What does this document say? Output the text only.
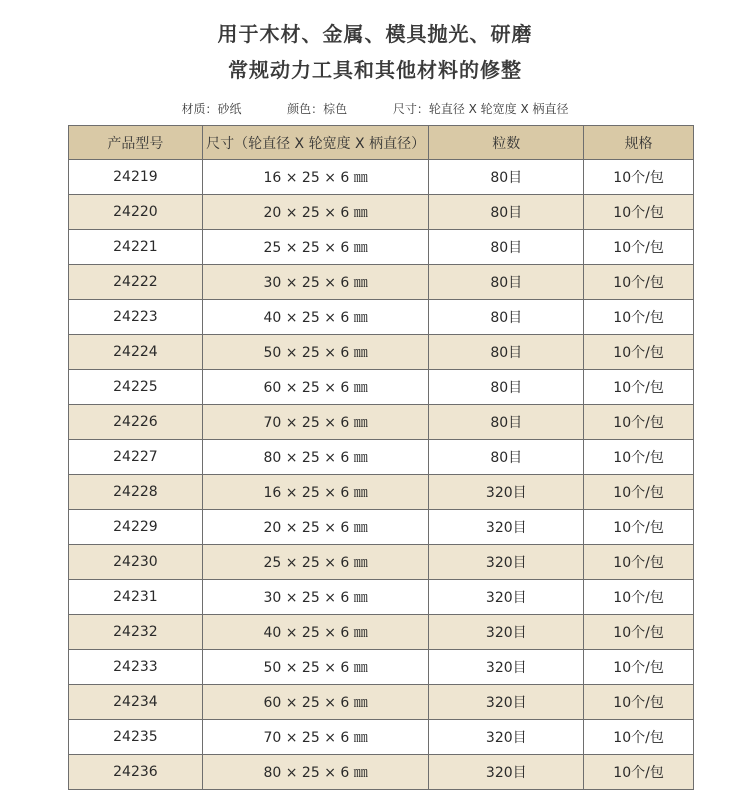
用于木材、金属、模具抛光、研磨
常规动力工具和其他材料的修整
材质：砂纸	颜色：棕色	尺寸：轮直径 X 轮宽度 X 柄直径
产品型号	尺寸（轮直径 X 轮宽度 X 柄直径）	粒数	规格
24219	16 × 25 × 6 ㎜	80目	10个/包
24220	20 × 25 × 6 ㎜	80目	10个/包
24221	25 × 25 × 6 ㎜	80目	10个/包
24222	30 × 25 × 6 ㎜	80目	10个/包
24223	40 × 25 × 6 ㎜	80目	10个/包
24224	50 × 25 × 6 ㎜	80目	10个/包
24225	60 × 25 × 6 ㎜	80目	10个/包
24226	70 × 25 × 6 ㎜	80目	10个/包
24227	80 × 25 × 6 ㎜	80目	10个/包
24228	16 × 25 × 6 ㎜	320目	10个/包
24229	20 × 25 × 6 ㎜	320目	10个/包
24230	25 × 25 × 6 ㎜	320目	10个/包
24231	30 × 25 × 6 ㎜	320目	10个/包
24232	40 × 25 × 6 ㎜	320目	10个/包
24233	50 × 25 × 6 ㎜	320目	10个/包
24234	60 × 25 × 6 ㎜	320目	10个/包
24235	70 × 25 × 6 ㎜	320目	10个/包
24236	80 × 25 × 6 ㎜	320目	10个/包
